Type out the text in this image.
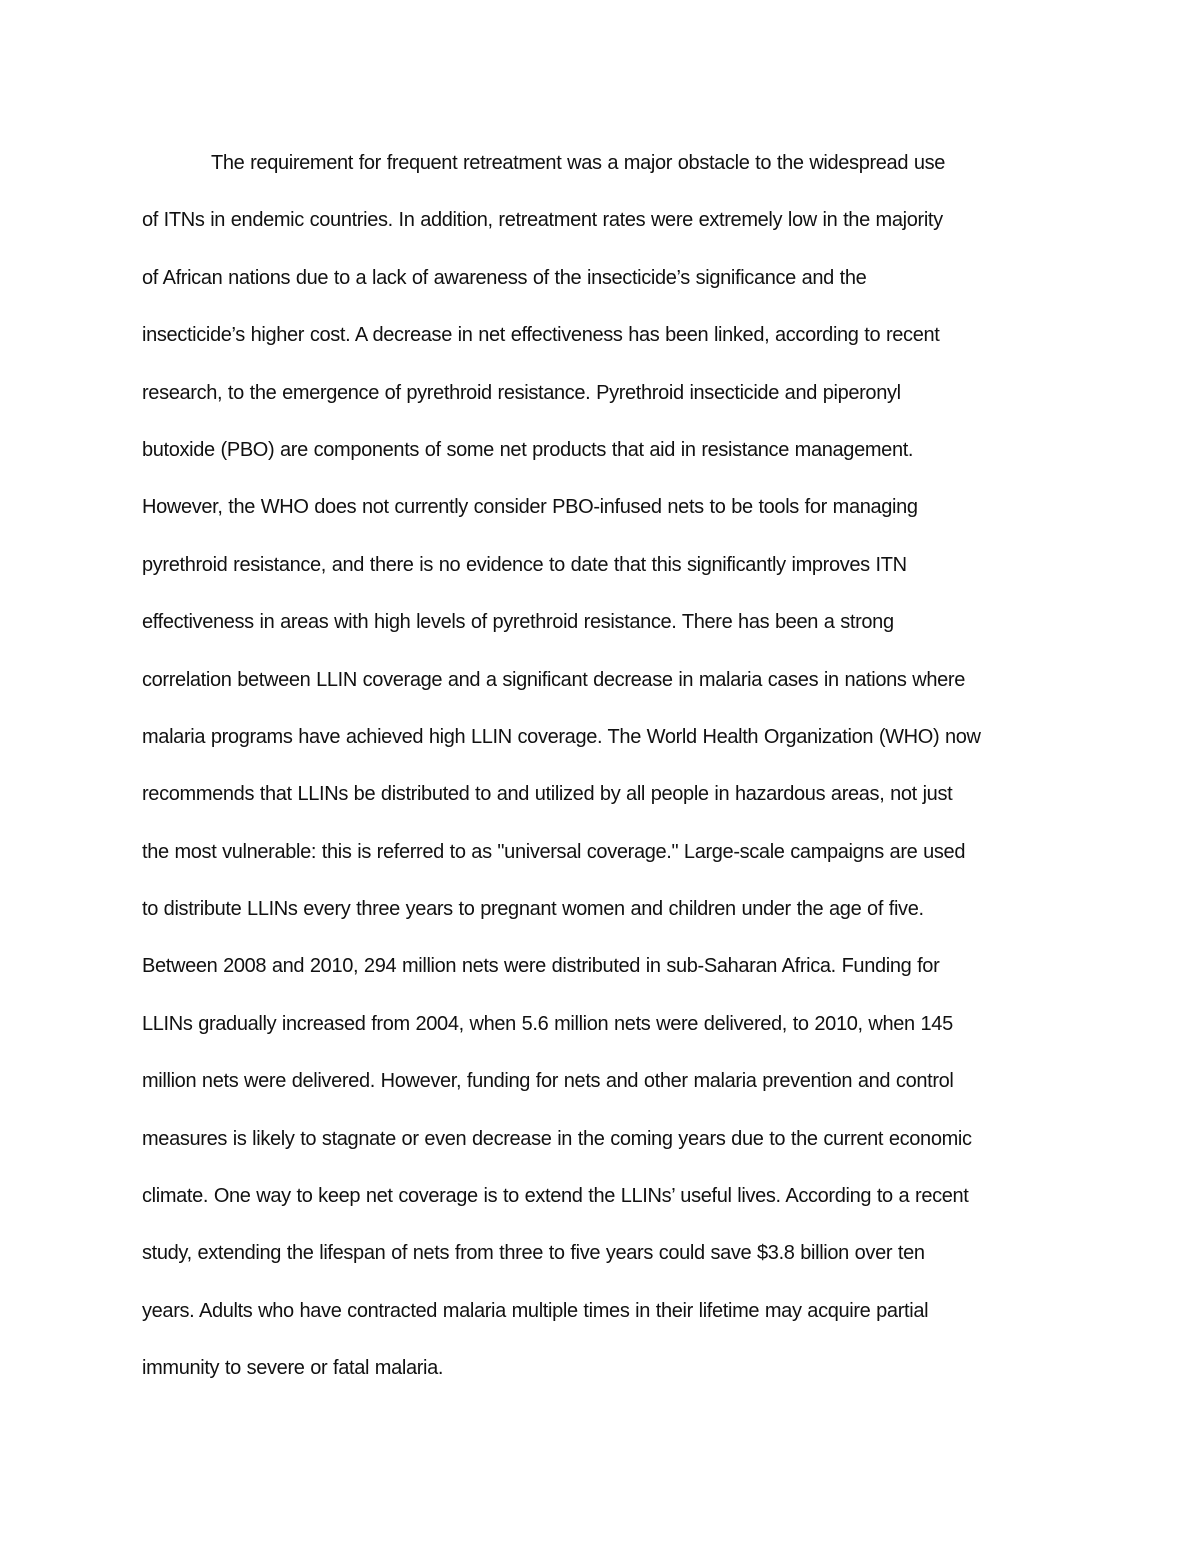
The requirement for frequent retreatment was a major obstacle to the widespread use
of ITNs in endemic countries. In addition, retreatment rates were extremely low in the majority
of African nations due to a lack of awareness of the insecticide’s significance and the
insecticide’s higher cost. A decrease in net effectiveness has been linked, according to recent
research, to the emergence of pyrethroid resistance. Pyrethroid insecticide and piperonyl
butoxide (PBO) are components of some net products that aid in resistance management.
However, the WHO does not currently consider PBO-infused nets to be tools for managing
pyrethroid resistance, and there is no evidence to date that this significantly improves ITN
effectiveness in areas with high levels of pyrethroid resistance. There has been a strong
correlation between LLIN coverage and a significant decrease in malaria cases in nations where
malaria programs have achieved high LLIN coverage. The World Health Organization (WHO) now
recommends that LLINs be distributed to and utilized by all people in hazardous areas, not just
the most vulnerable: this is referred to as "universal coverage." Large-scale campaigns are used
to distribute LLINs every three years to pregnant women and children under the age of five.
Between 2008 and 2010, 294 million nets were distributed in sub-Saharan Africa. Funding for
LLINs gradually increased from 2004, when 5.6 million nets were delivered, to 2010, when 145
million nets were delivered. However, funding for nets and other malaria prevention and control
measures is likely to stagnate or even decrease in the coming years due to the current economic
climate. One way to keep net coverage is to extend the LLINs’ useful lives. According to a recent
study, extending the lifespan of nets from three to five years could save $3.8 billion over ten
years. Adults who have contracted malaria multiple times in their lifetime may acquire partial
immunity to severe or fatal malaria.
